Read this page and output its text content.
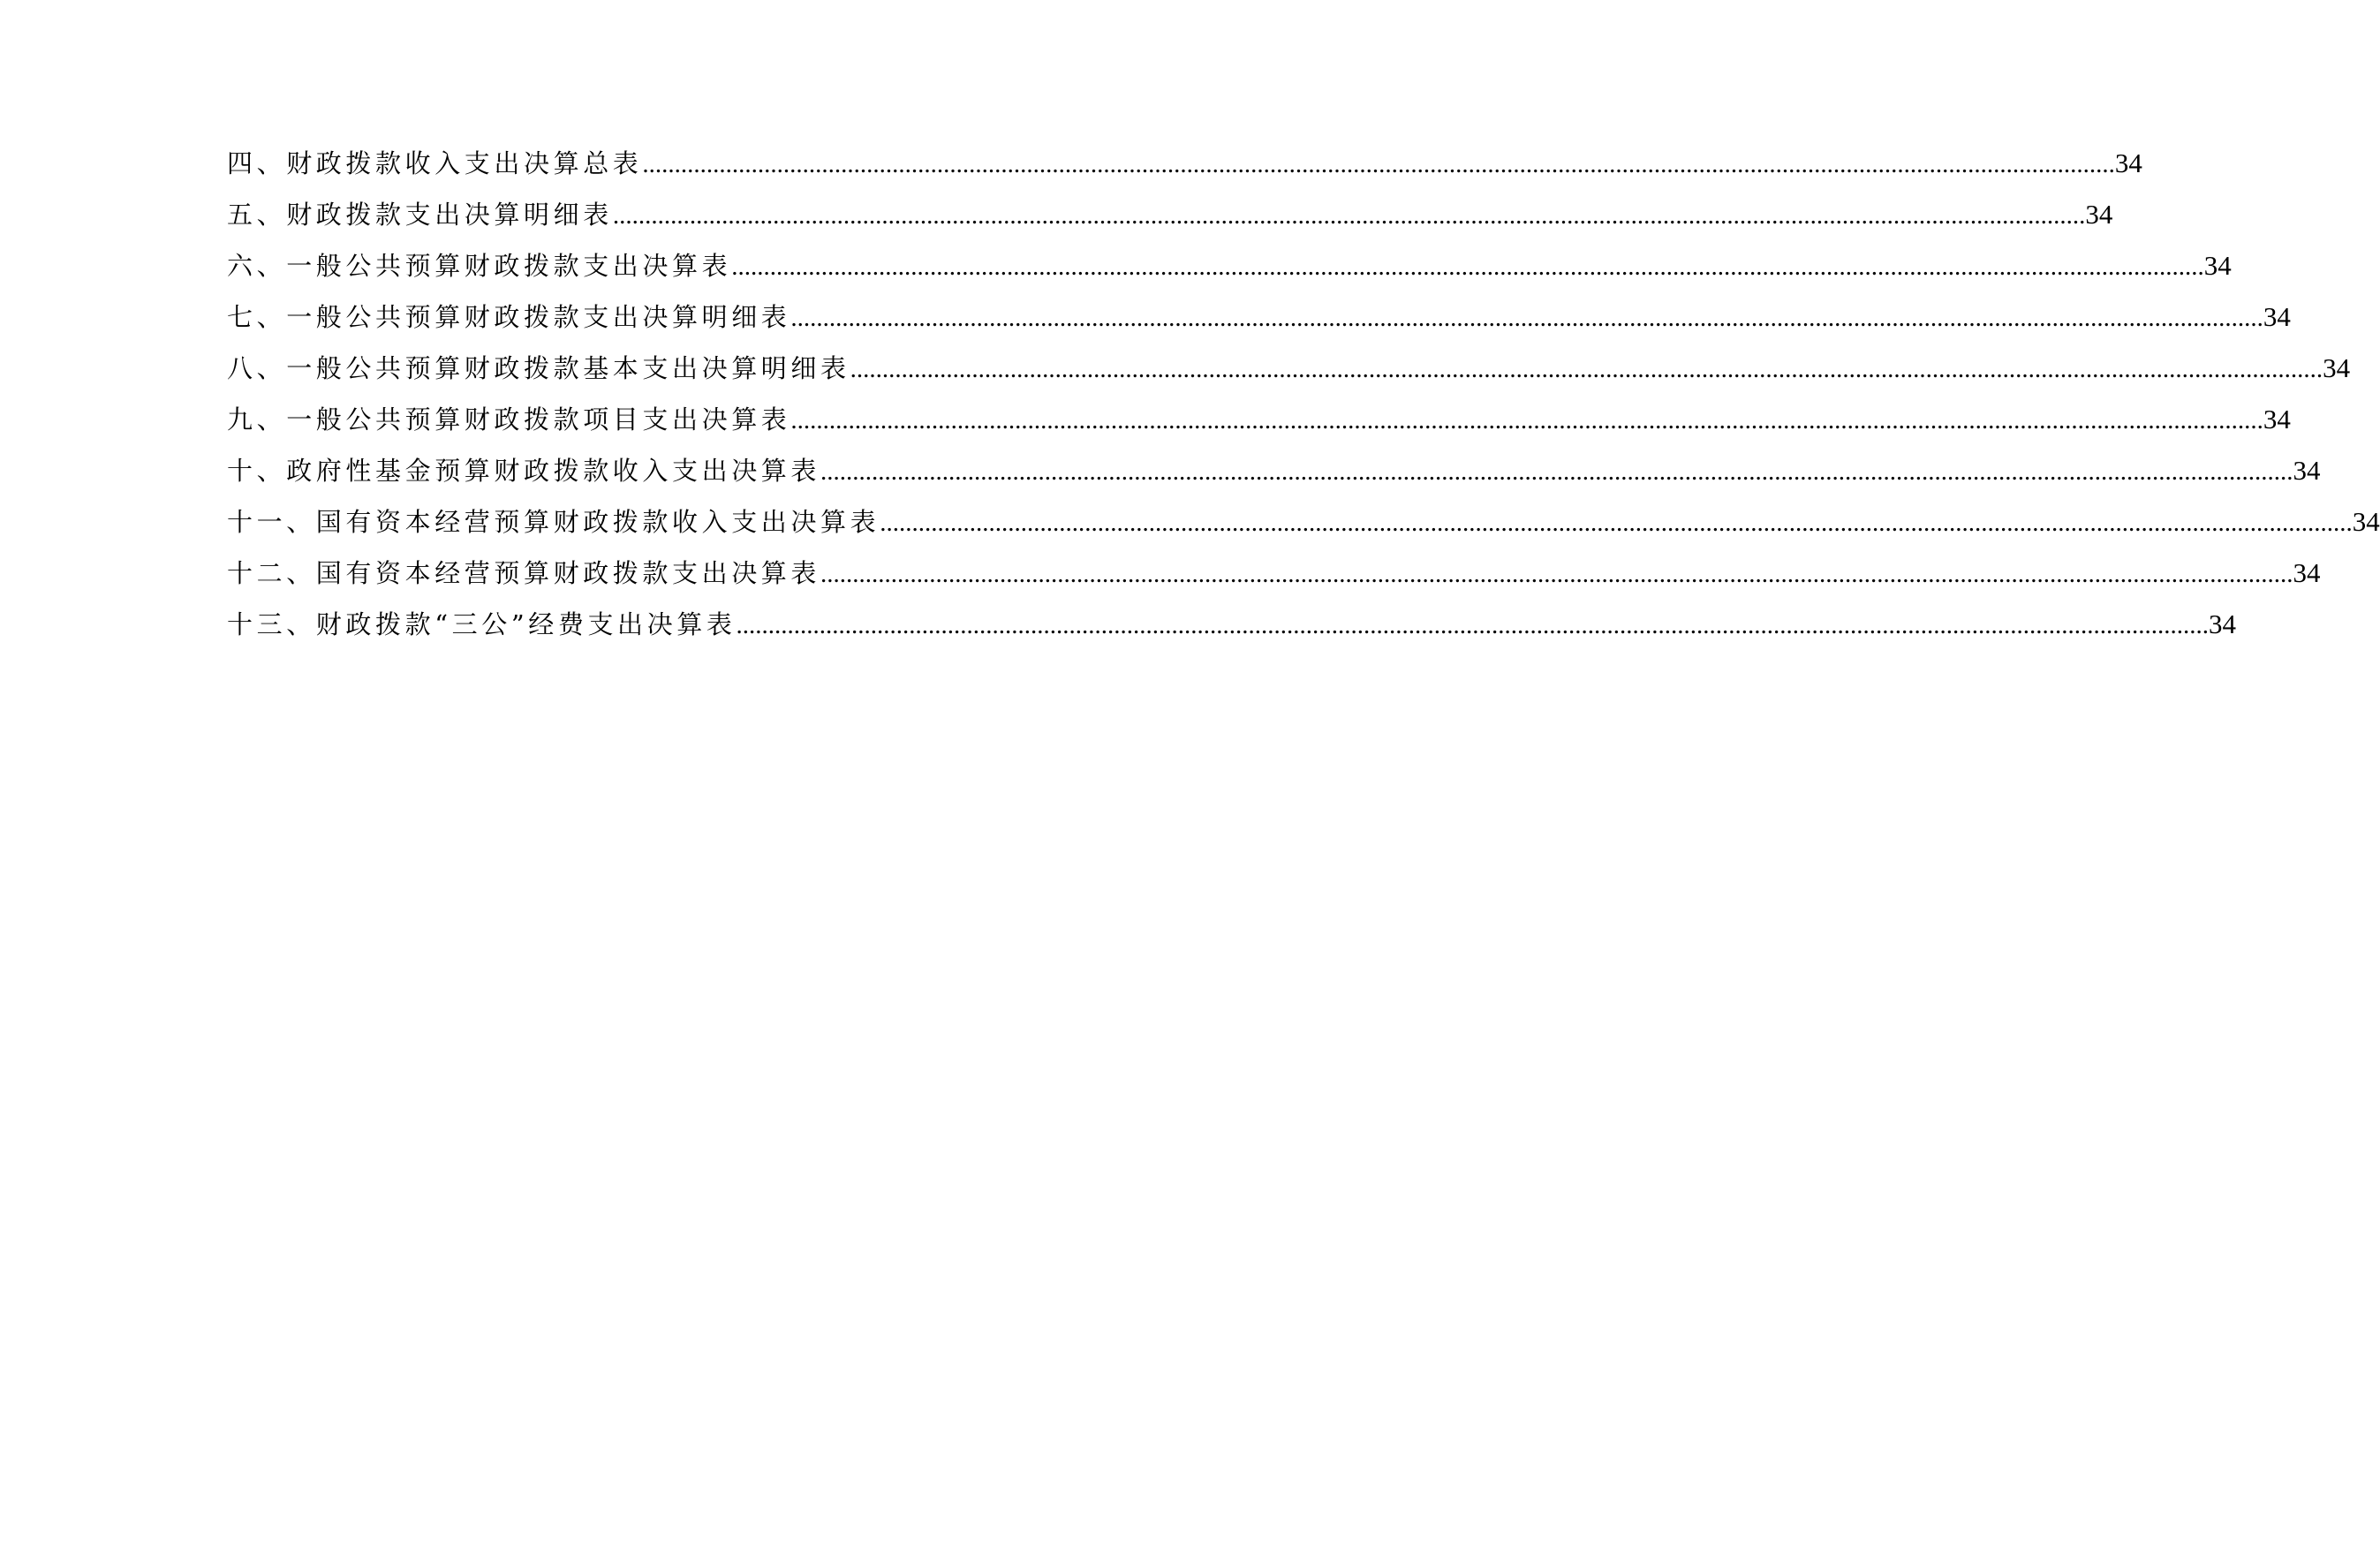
四、财政拨款收入支出决算总表 .....	34
五、财政拨款支出决算明细表 .....	34
六、一般公共预算财政拨款支出决算表 .....	34
七、一般公共预算财政拨款支出决算明细表 .....	34
八、一般公共预算财政拨款基本支出决算明细表 .....	34
九、一般公共预算财政拨款项目支出决算表 .....	34
十、政府性基金预算财政拨款收入支出决算表 .....	34
十一、国有资本经营预算财政拨款收入支出决算表 .....	34
十二、国有资本经营预算财政拨款支出决算表 .....	34
十三、财政拨款“三公”经费支出决算表 .....	34
